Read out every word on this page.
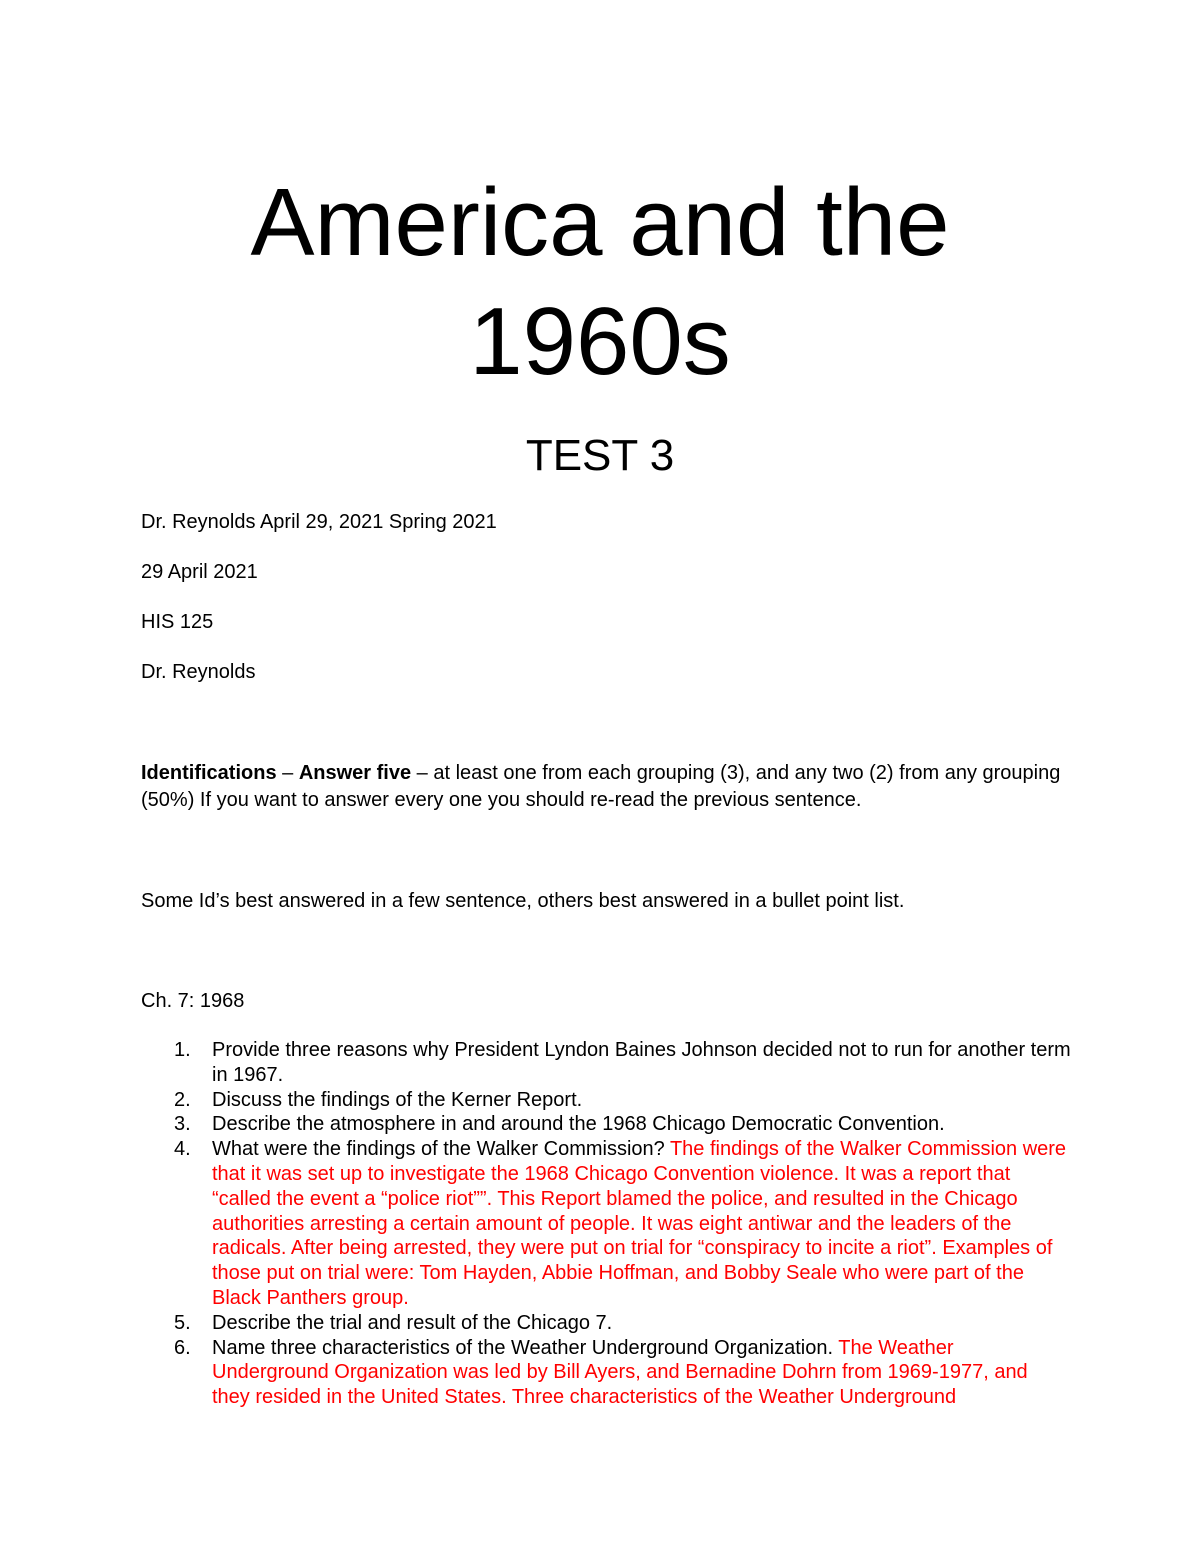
America and the
1960s
TEST 3
Dr. Reynolds April 29, 2021 Spring 2021
29 April 2021
HIS 125
Dr. Reynolds
Identifications – Answer five – at least one from each grouping (3), and any two (2) from any grouping (50%) If you want to answer every one you should re-read the previous sentence.
Some Id’s best answered in a few sentence, others best answered in a bullet point list.
Ch. 7: 1968
1. Provide three reasons why President Lyndon Baines Johnson decided not to run for another term in 1967.
2. Discuss the findings of the Kerner Report.
3. Describe the atmosphere in and around the 1968 Chicago Democratic Convention.
4. What were the findings of the Walker Commission? The findings of the Walker Commission were that it was set up to investigate the 1968 Chicago Convention violence. It was a report that “called the event a “police riot””. This Report blamed the police, and resulted in the Chicago authorities arresting a certain amount of people. It was eight antiwar and the leaders of the radicals. After being arrested, they were put on trial for “conspiracy to incite a riot”. Examples of those put on trial were: Tom Hayden, Abbie Hoffman, and Bobby Seale who were part of the Black Panthers group.
5. Describe the trial and result of the Chicago 7.
6. Name three characteristics of the Weather Underground Organization. The Weather Underground Organization was led by Bill Ayers, and Bernadine Dohrn from 1969-1977, and they resided in the United States. Three characteristics of the Weather Underground
